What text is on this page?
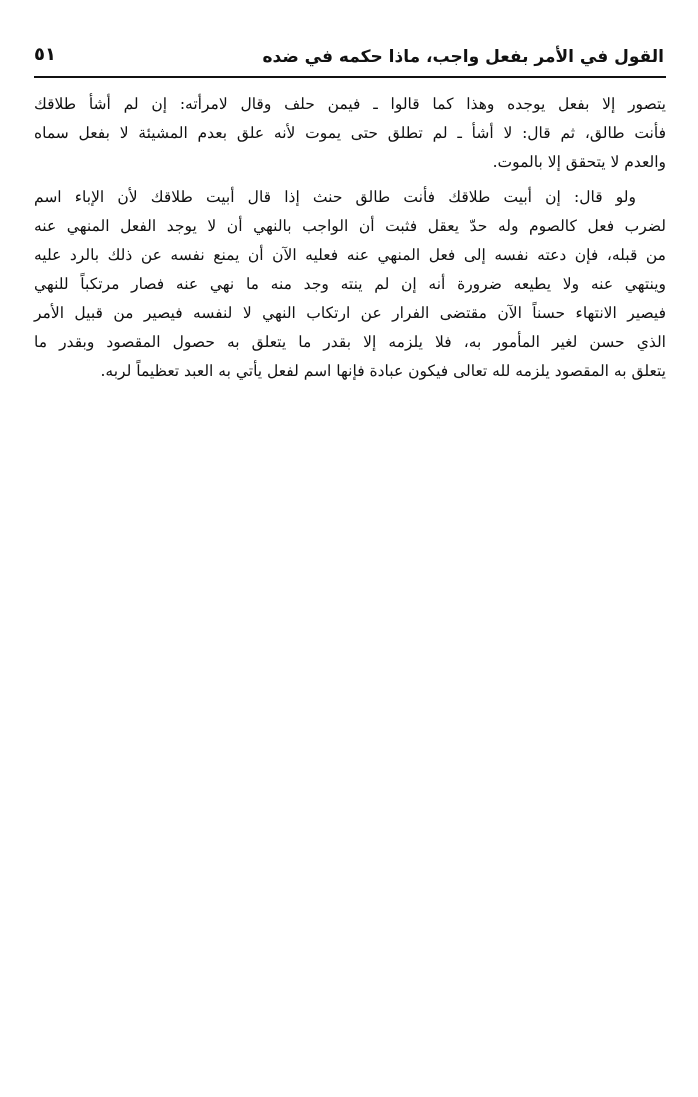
القول في الأمر بفعل واجب، ماذا حكمه في ضده
٥١

يتصور إلا بفعل يوجده وهذا كما قالوا ـ فيمن حلف وقال لامرأته: إن لم أشأ طلاقك
فأنت طالق، ثم قال: لا أشأ ـ لم تطلق حتى يموت لأنه علق بعدم المشيئة لا بفعل سماه
والعدم لا يتحقق إلا بالموت.

ولو قال: إن أبيت طلاقك فأنت طالق حنث إذا قال أبيت طلاقك لأن الإباء اسم
لضرب فعل كالصوم وله حدّ يعقل فثبت أن الواجب بالنهي أن لا يوجد الفعل المنهي عنه
من قبله، فإن دعته نفسه إلى فعل المنهي عنه فعليه الآن أن يمنع نفسه عن ذلك بالرد عليه
وينتهي عنه ولا يطيعه ضرورة أنه إن لم ينته وجد منه ما نهي عنه فصار مرتكباً للنهي
فيصير الانتهاء حسناً الآن مقتضى الفرار عن ارتكاب النهي لا لنفسه فيصير من قبيل الأمر
الذي حسن لغير المأمور به، فلا يلزمه إلا بقدر ما يتعلق به حصول المقصود وبقدر ما
يتعلق به المقصود يلزمه لله تعالى فيكون عبادة فإنها اسم لفعل يأتي به العبد تعظيماً لربه.
